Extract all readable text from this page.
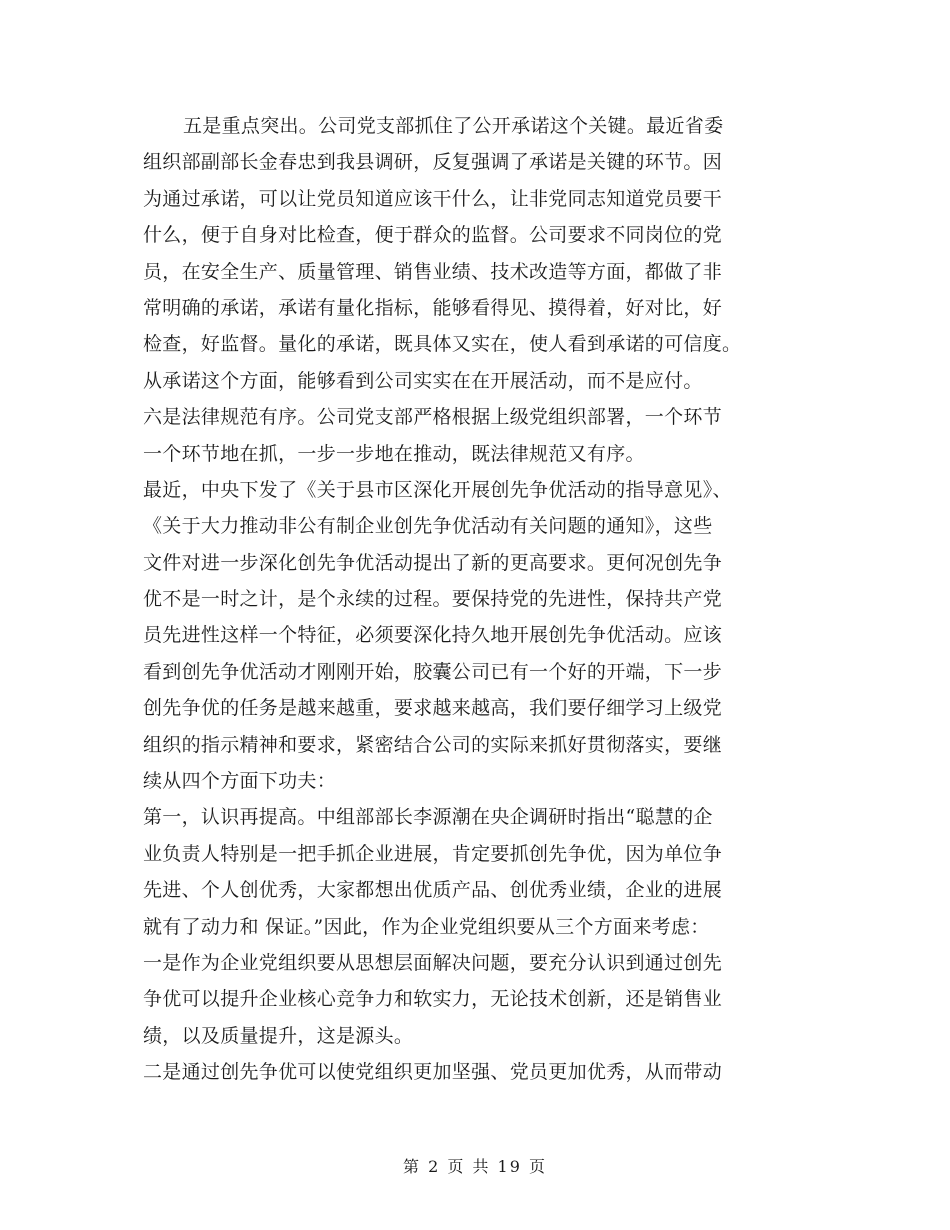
五是重点突出。公司党支部抓住了公开承诺这个关键。最近省委
组织部副部长金春忠到我县调研，反复强调了承诺是关键的环节。因
为通过承诺，可以让党员知道应该干什么，让非党同志知道党员要干
什么，便于自身对比检查，便于群众的监督。公司要求不同岗位的党
员，在安全生产、质量管理、销售业绩、技术改造等方面，都做了非
常明确的承诺，承诺有量化指标，能够看得见、摸得着，好对比，好
检查，好监督。量化的承诺，既具体又实在，使人看到承诺的可信度。
从承诺这个方面，能够看到公司实实在在开展活动，而不是应付。
六是法律规范有序。公司党支部严格根据上级党组织部署，一个环节
一个环节地在抓，一步一步地在推动，既法律规范又有序。
最近，中央下发了《关于县市区深化开展创先争优活动的指导意见》、
《关于大力推动非公有制企业创先争优活动有关问题的通知》，这些
文件对进一步深化创先争优活动提出了新的更高要求。更何况创先争
优不是一时之计，是个永续的过程。要保持党的先进性，保持共产党
员先进性这样一个特征，必须要深化持久地开展创先争优活动。应该
看到创先争优活动才刚刚开始，胶囊公司已有一个好的开端，下一步
创先争优的任务是越来越重，要求越来越高，我们要仔细学习上级党
组织的指示精神和要求，紧密结合公司的实际来抓好贯彻落实，要继
续从四个方面下功夫：
第一，认识再提高。中组部部长李源潮在央企调研时指出“聪慧的企
业负责人特别是一把手抓企业进展，肯定要抓创先争优，因为单位争
先进、个人创优秀，大家都想出优质产品、创优秀业绩，企业的进展
就有了动力和 保证。”因此，作为企业党组织要从三个方面来考虑：
一是作为企业党组织要从思想层面解决问题，要充分认识到通过创先
争优可以提升企业核心竞争力和软实力，无论技术创新，还是销售业
绩，以及质量提升，这是源头。
二是通过创先争优可以使党组织更加坚强、党员更加优秀，从而带动
第 2 页 共 19 页
